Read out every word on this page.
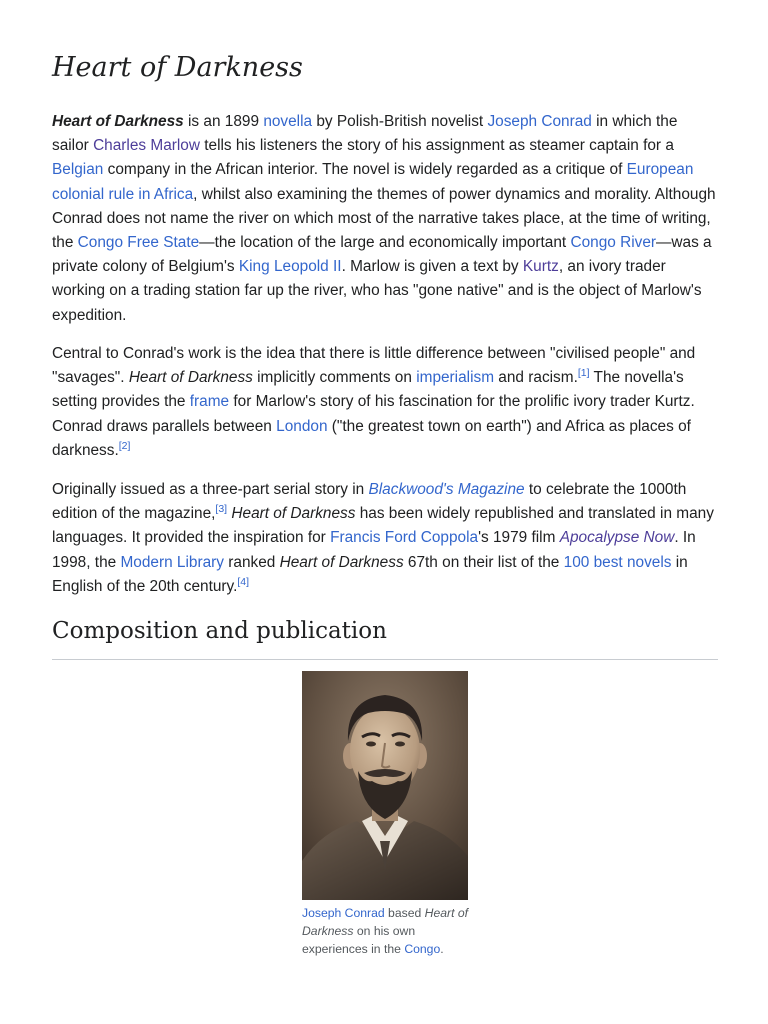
Heart of Darkness

Heart of Darkness is an 1899 novella by Polish-British novelist Joseph Conrad in which the sailor Charles Marlow tells his listeners the story of his assignment as steamer captain for a Belgian company in the African interior. The novel is widely regarded as a critique of European colonial rule in Africa, whilst also examining the themes of power dynamics and morality. Although Conrad does not name the river on which most of the narrative takes place, at the time of writing, the Congo Free State—the location of the large and economically important Congo River—was a private colony of Belgium's King Leopold II. Marlow is given a text by Kurtz, an ivory trader working on a trading station far up the river, who has "gone native" and is the object of Marlow's expedition.

Central to Conrad's work is the idea that there is little difference between "civilised people" and "savages". Heart of Darkness implicitly comments on imperialism and racism.[1] The novella's setting provides the frame for Marlow's story of his fascination for the prolific ivory trader Kurtz. Conrad draws parallels between London ("the greatest town on earth") and Africa as places of darkness.[2]

Originally issued as a three-part serial story in Blackwood's Magazine to celebrate the 1000th edition of the magazine,[3] Heart of Darkness has been widely republished and translated in many languages. It provided the inspiration for Francis Ford Coppola's 1979 film Apocalypse Now. In 1998, the Modern Library ranked Heart of Darkness 67th on their list of the 100 best novels in English of the 20th century.[4]

Composition and publication
Joseph Conrad based Heart of Darkness on his own experiences in the Congo.
